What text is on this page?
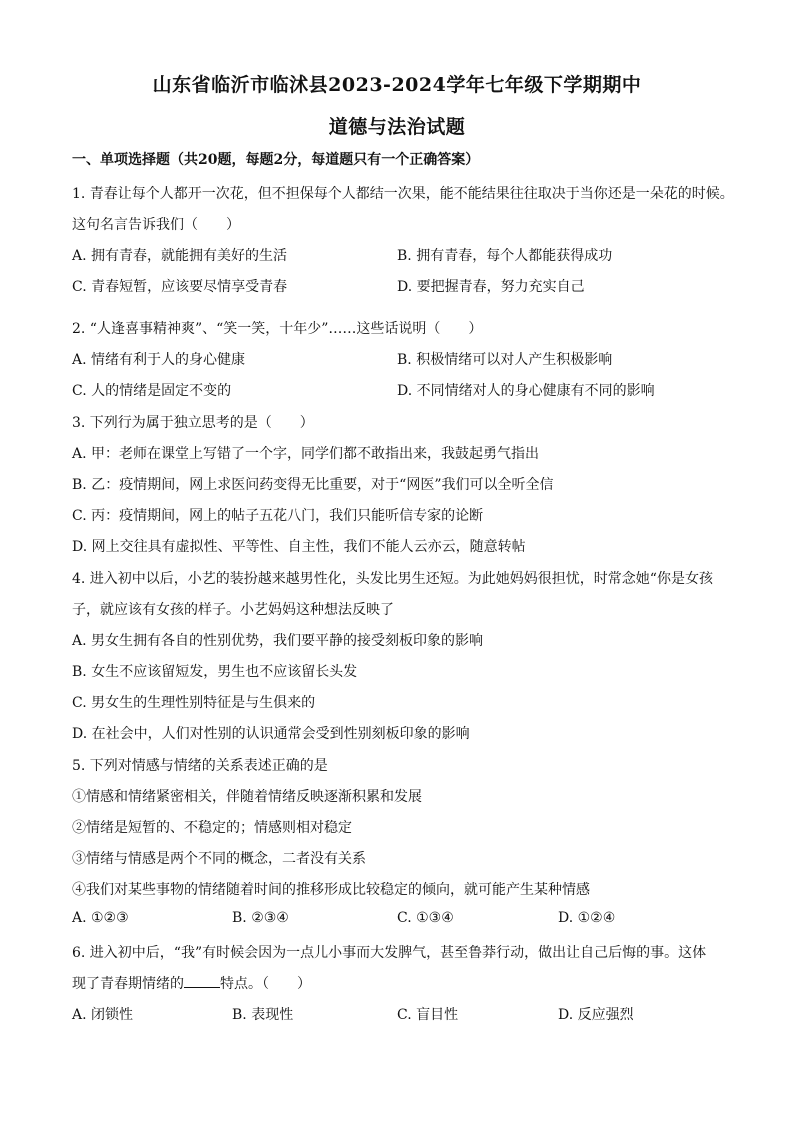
山东省临沂市临沭县2023-2024学年七年级下学期期中
道德与法治试题
一、单项选择题（共20题，每题2分，每道题只有一个正确答案）
1. 青春让每个人都开一次花，但不担保每个人都结一次果，能不能结果往往取决于当你还是一朵花的时候。
这句名言告诉我们（　　）
A. 拥有青春，就能拥有美好的生活	B. 拥有青春，每个人都能获得成功
C. 青春短暂，应该要尽情享受青春	D. 要把握青春，努力充实自己
2. “人逢喜事精神爽”、“笑一笑，十年少”……这些话说明（　　）
A. 情绪有利于人的身心健康	B. 积极情绪可以对人产生积极影响
C. 人的情绪是固定不变的	D. 不同情绪对人的身心健康有不同的影响
3. 下列行为属于独立思考的是（　　）
A. 甲：老师在课堂上写错了一个字，同学们都不敢指出来，我鼓起勇气指出
B. 乙：疫情期间，网上求医问药变得无比重要，对于“网医”我们可以全听全信
C. 丙：疫情期间，网上的帖子五花八门，我们只能听信专家的论断
D. 网上交往具有虚拟性、平等性、自主性，我们不能人云亦云，随意转帖
4. 进入初中以后，小艺的装扮越来越男性化，头发比男生还短。为此她妈妈很担忧，时常念她“你是女孩
子，就应该有女孩的样子。小艺妈妈这种想法反映了
A. 男女生拥有各自的性别优势，我们要平静的接受刻板印象的影响
B. 女生不应该留短发，男生也不应该留长头发
C. 男女生的生理性别特征是与生俱来的
D. 在社会中，人们对性别的认识通常会受到性别刻板印象的影响
5. 下列对情感与情绪的关系表述正确的是
①情感和情绪紧密相关，伴随着情绪反映逐渐积累和发展
②情绪是短暂的、不稳定的；情感则相对稳定
③情绪与情感是两个不同的概念，二者没有关系
④我们对某些事物的情绪随着时间的推移形成比较稳定的倾向，就可能产生某种情感
A. ①②③	B. ②③④	C. ①③④	D. ①②④
6. 进入初中后，“我”有时候会因为一点儿小事而大发脾气，甚至鲁莽行动，做出让自己后悔的事。这体
现了青春期情绪的	特点。（　　）
A. 闭锁性	B. 表现性	C. 盲目性	D. 反应强烈
